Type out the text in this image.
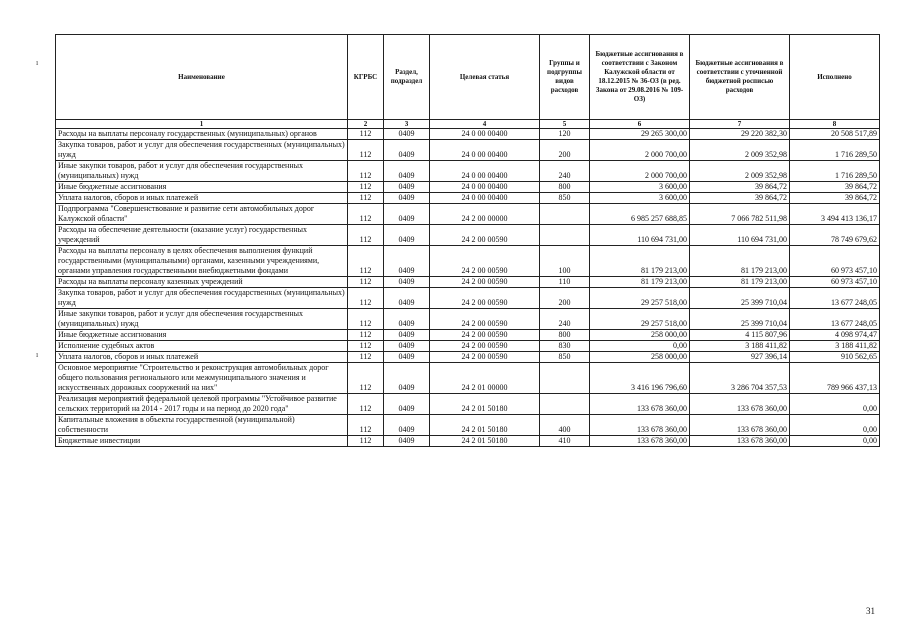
Наименование	КГРБС	Раздел, подраздел	Целевая статья	Группы и подгруппы видов расходов	Бюджетные ассигнования в соответствии с Законом Калужской области от 18.12.2015 № 36-ОЗ (в ред. Закона от 29.08.2016 № 109-ОЗ)	Бюджетные ассигнования в соответствии с уточненной бюджетной росписью расходов	Исполнено
1	2	3	4	5	6	7	8
Расходы на выплаты персоналу государственных (муниципальных) органов	112	0409	24 0 00 00400	120	29 265 300,00	29 220 382,30	20 508 517,89
Закупка товаров, работ и услуг для обеспечения государственных (муниципальных) нужд	112	0409	24 0 00 00400	200	2 000 700,00	2 009 352,98	1 716 289,50
Иные закупки товаров, работ и услуг для обеспечения государственных (муниципальных) нужд	112	0409	24 0 00 00400	240	2 000 700,00	2 009 352,98	1 716 289,50
Иные бюджетные ассигнования	112	0409	24 0 00 00400	800	3 600,00	39 864,72	39 864,72
Уплата налогов, сборов и иных платежей	112	0409	24 0 00 00400	850	3 600,00	39 864,72	39 864,72
Подпрограмма "Совершенствование и развитие сети автомобильных дорог Калужской области"	112	0409	24 2 00 00000		6 985 257 688,85	7 066 782 511,98	3 494 413 136,17
Расходы на обеспечение деятельности (оказание услуг) государственных учреждений	112	0409	24 2 00 00590		110 694 731,00	110 694 731,00	78 749 679,62
Расходы на выплаты персоналу в целях обеспечения выполнения функций государственными (муниципальными) органами, казенными учреждениями, органами управления государственными внебюджетными фондами	112	0409	24 2 00 00590	100	81 179 213,00	81 179 213,00	60 973 457,10
Расходы на выплаты персоналу казенных учреждений	112	0409	24 2 00 00590	110	81 179 213,00	81 179 213,00	60 973 457,10
Закупка товаров, работ и услуг для обеспечения государственных (муниципальных) нужд	112	0409	24 2 00 00590	200	29 257 518,00	25 399 710,04	13 677 248,05
Иные закупки товаров, работ и услуг для обеспечения государственных (муниципальных) нужд	112	0409	24 2 00 00590	240	29 257 518,00	25 399 710,04	13 677 248,05
Иные бюджетные ассигнования	112	0409	24 2 00 00590	800	258 000,00	4 115 807,96	4 098 974,47
Исполнение судебных актов	112	0409	24 2 00 00590	830	0,00	3 188 411,82	3 188 411,82
Уплата налогов, сборов и иных платежей	112	0409	24 2 00 00590	850	258 000,00	927 396,14	910 562,65
Основное мероприятие "Строительство и реконструкция автомобильных дорог общего пользования регионального или межмуниципального значения и искусственных дорожных сооружений на них"	112	0409	24 2 01 00000		3 416 196 796,60	3 286 704 357,53	789 966 437,13
Реализация мероприятий федеральной целевой программы "Устойчивое развитие сельских территорий на 2014 - 2017 годы и на период до 2020 года"	112	0409	24 2 01 50180		133 678 360,00	133 678 360,00	0,00
Капитальные вложения в объекты государственной (муниципальной) собственности	112	0409	24 2 01 50180	400	133 678 360,00	133 678 360,00	0,00
Бюджетные инвестиции	112	0409	24 2 01 50180	410	133 678 360,00	133 678 360,00	0,00
ı
ı
31
